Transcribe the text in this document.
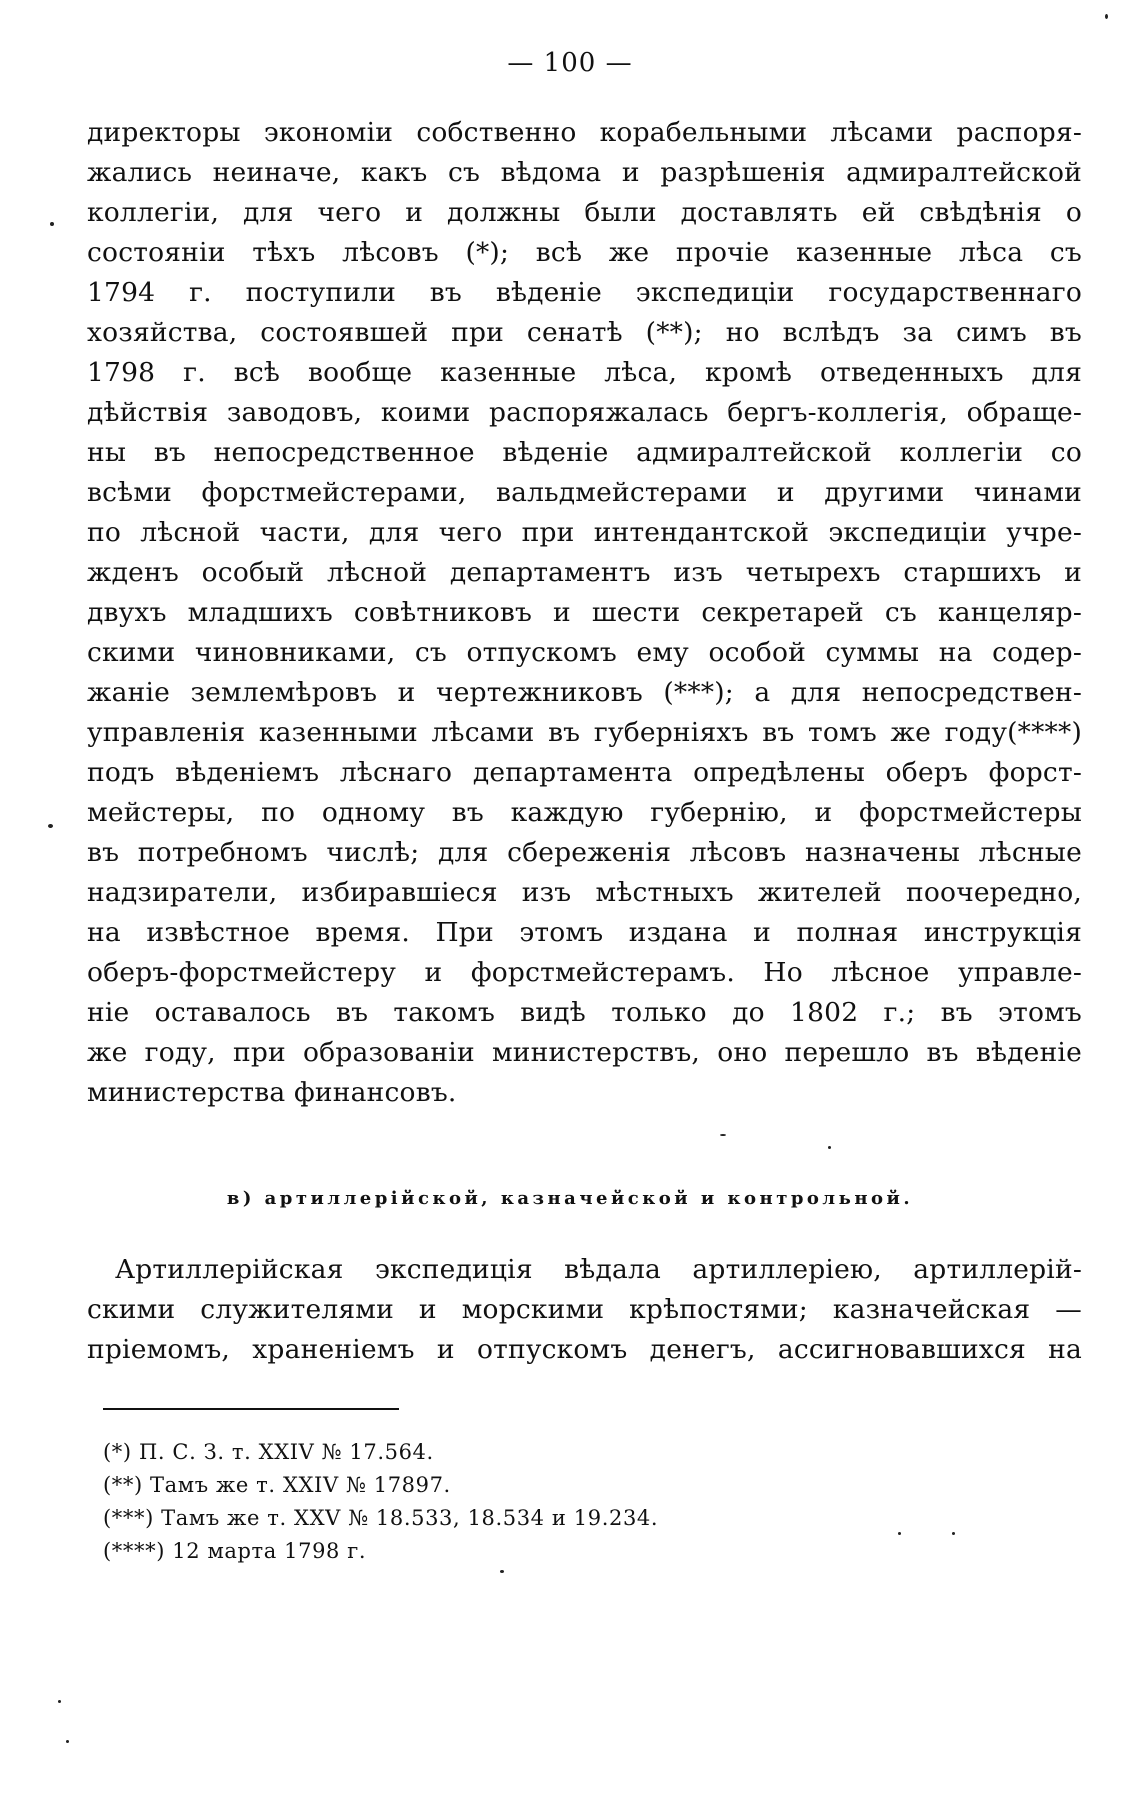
— 100 —
директоры экономіи собственно корабельными лѣсами распоря-
жались неиначе, какъ съ вѣдома и разрѣшенія адмиралтейской
коллегіи, для чего и должны были доставлять ей свѣдѣнія о
состояніи тѣхъ лѣсовъ (*); всѣ же прочіе казенные лѣса съ
1794 г. поступили въ вѣденіе экспедиціи государственнаго
хозяйства, состоявшей при сенатѣ (**); но вслѣдъ за симъ въ
1798 г. всѣ вообще казенные лѣса, кромѣ отведенныхъ для
дѣйствія заводовъ, коими распоряжалась бергъ-коллегія, обраще-
ны въ непосредственное вѣденіе адмиралтейской коллегіи со
всѣми форстмейстерами, вальдмейстерами и другими чинами
по лѣсной части, для чего при интендантской экспедиціи учре-
жденъ особый лѣсной департаментъ изъ четырехъ старшихъ и
двухъ младшихъ совѣтниковъ и шести секретарей съ канцеляр-
скими чиновниками, съ отпускомъ ему особой суммы на содер-
жаніе землемѣровъ и чертежниковъ (***); а для непосредствен-
управленія казенными лѣсами въ губерніяхъ въ томъ же году(****)
подъ вѣденіемъ лѣснаго департамента опредѣлены оберъ форст-
мейстеры, по одному въ каждую губернію, и форстмейстеры
въ потребномъ числѣ; для сбереженія лѣсовъ назначены лѣсные
надзиратели, избиравшіеся изъ мѣстныхъ жителей поочередно,
на извѣстное время. При этомъ издана и полная инструкція
оберъ-форстмейстеру и форстмейстерамъ. Но лѣсное управле-
ніе оставалось въ такомъ видѣ только до 1802 г.; въ этомъ
же году, при образованіи министерствъ, оно перешло въ вѣденіе
министерства финансовъ.
в) артиллерійской, казначейской и контрольной.
Артиллерійская экспедиція вѣдала артиллеріею, артиллерій-
скими служителями и морскими крѣпостями; казначейская —
пріемомъ, храненіемъ и отпускомъ денегъ, ассигновавшихся на
(*) П. С. З. т. XXIV № 17.564.
(**) Тамъ же т. XXIV № 17897.
(***) Тамъ же т. XXV № 18.533, 18.534 и 19.234.
(****) 12 марта 1798 г.
